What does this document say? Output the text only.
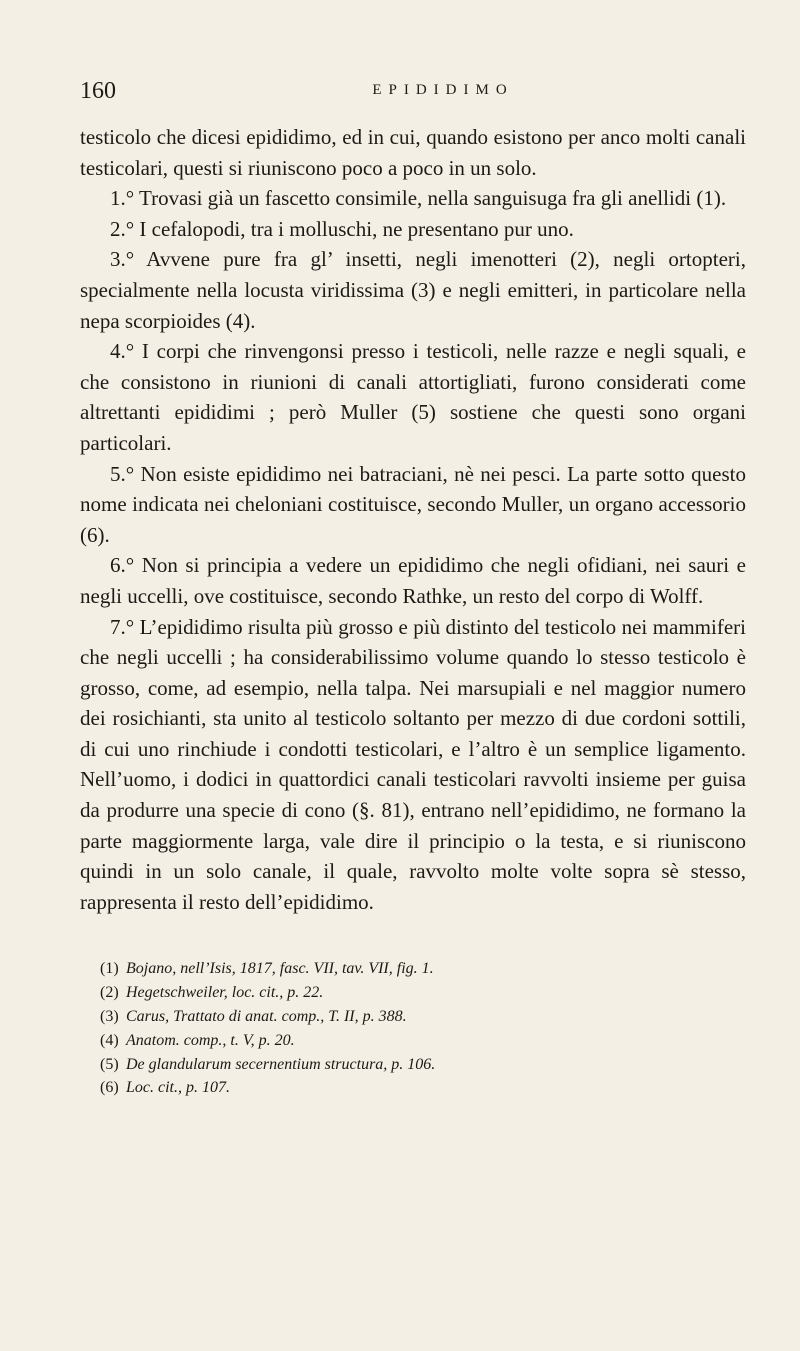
160	EPIDIDIMO

testicolo che dicesi epididimo, ed in cui, quando esistono per anco molti canali testicolari, questi si riuniscono poco a poco in un solo.

1.° Trovasi già un fascetto consimile, nella sanguisuga fra gli anellidi (1).

2.° I cefalopodi, tra i molluschi, ne presentano pur uno.

3.° Avvene pure fra gl’ insetti, negli imenotteri (2), negli ortopteri, specialmente nella locusta viridissima (3) e negli emitteri, in particolare nella nepa scorpioides (4).

4.° I corpi che rinvengonsi presso i testicoli, nelle razze e negli squali, e che consistono in riunioni di canali attortigliati, furono considerati come altrettanti epididimi ; però Muller (5) sostiene che questi sono organi particolari.

5.° Non esiste epididimo nei batraciani, nè nei pesci. La parte sotto questo nome indicata nei cheloniani costituisce, secondo Muller, un organo accessorio (6).

6.° Non si principia a vedere un epididimo che negli ofidiani, nei sauri e negli uccelli, ove costituisce, secondo Rathke, un resto del corpo di Wolff.

7.° L’epididimo risulta più grosso e più distinto del testicolo nei mammiferi che negli uccelli ; ha considerabilissimo volume quando lo stesso testicolo è grosso, come, ad esempio, nella talpa. Nei marsupiali e nel maggior numero dei rosichianti, sta unito al testicolo soltanto per mezzo di due cordoni sottili, di cui uno rinchiude i condotti testicolari, e l’altro è un semplice ligamento. Nell’uomo, i dodici in quattordici canali testicolari ravvolti insieme per guisa da produrre una specie di cono (§. 81), entrano nell’epididimo, ne formano la parte maggiormente larga, vale dire il principio o la testa, e si riuniscono quindi in un solo canale, il quale, ravvolto molte volte sopra sè stesso, rappresenta il resto dell’epididimo.

(1) Bojano, nell’Isis, 1817, fasc. VII, tav. VII, fig. 1.
(2) Hegetschweiler, loc. cit., p. 22.
(3) Carus, Trattato di anat. comp., T. II, p. 388.
(4) Anatom. comp., t. V, p. 20.
(5) De glandularum secernentium structura, p. 106.
(6) Loc. cit., p. 107.
